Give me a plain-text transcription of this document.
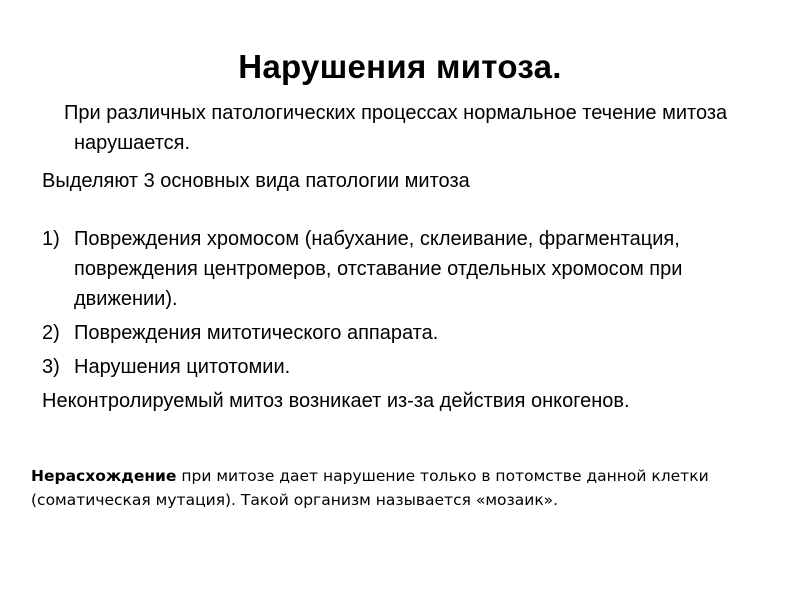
Нарушения митоза.

При различных патологических процессах нормальное течение митоза нарушается.

Выделяют 3 основных вида патологии митоза

1) Повреждения хромосом (набухание, склеивание, фрагментация, повреждения центромеров, отставание отдельных хромосом при движении).
2) Повреждения митотического аппарата.
3) Нарушения цитотомии.

Неконтролируемый митоз возникает из-за действия онкогенов.

Нерасхождение при митозе дает нарушение только в потомстве данной клетки (соматическая мутация). Такой организм называется «мозаик».
